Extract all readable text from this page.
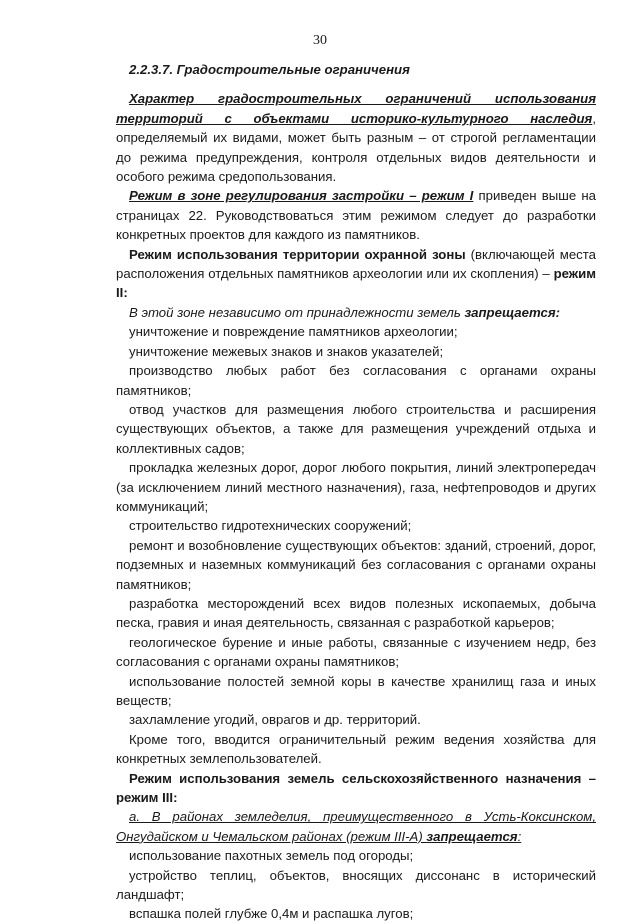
30

2.2.3.7. Градостроительные ограничения

Характер градостроительных ограничений использования территорий с объектами историко-культурного наследия, определяемый их видами, может быть разным – от строгой регламентации до режима предупреждения, контроля отдельных видов деятельности и особого режима средопользования.

Режим в зоне регулирования застройки – режим I приведен выше на страницах 22. Руководствоваться этим режимом следует до разработки конкретных проектов для каждого из памятников.

Режим использования территории охранной зоны (включающей места расположения отдельных памятников археологии или их скопления) – режим II:

В этой зоне независимо от принадлежности земель запрещается:

уничтожение и повреждение памятников археологии;

уничтожение межевых знаков и знаков указателей;

производство любых работ без согласования с органами охраны памятников;

отвод участков для размещения любого строительства и расширения существующих объектов, а также для размещения учреждений отдыха и коллективных садов;

прокладка железных дорог, дорог любого покрытия, линий электропередач (за исключением линий местного назначения), газа, нефтепроводов и других коммуникаций;

строительство гидротехнических сооружений;

ремонт и возобновление существующих объектов: зданий, строений, дорог, подземных и наземных коммуникаций без согласования с органами охраны памятников;

разработка месторождений всех видов полезных ископаемых, добыча песка, гравия и иная деятельность, связанная с разработкой карьеров;

геологическое бурение и иные работы, связанные с изучением недр, без согласования с органами охраны памятников;

использование полостей земной коры в качестве хранилищ газа и иных веществ;

захламление угодий, оврагов и др. территорий.

Кроме того, вводится ограничительный режим ведения хозяйства для конкретных землепользователей.

Режим использования земель сельскохозяйственного назначения – режим III:

а. В районах земледелия, преимущественного в Усть-Коксинском, Онгудайском и Чемальском районах (режим III-А) запрещается:

использование пахотных земель под огороды;

устройство теплиц, объектов, вносящих диссонанс в исторический ландшафт;

вспашка полей глубже 0,4м и распашка лугов;
